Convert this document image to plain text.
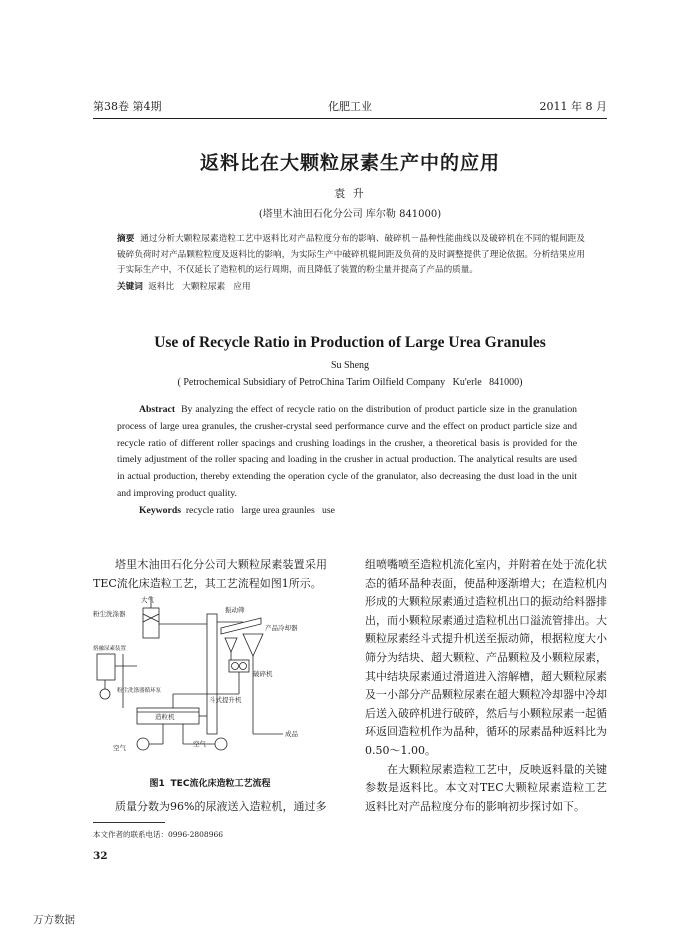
第38卷 第4期	化肥工业	2011 年 8 月
返料比在大颗粒尿素生产中的应用
袁 升
(塔里木油田石化分公司 库尔勒 841000)
摘要 通过分析大颗粒尿素造粒工艺中返料比对产品粒度分布的影响、破碎机－晶种性能曲线以及破碎机在不同的辊间距及破碎负荷时对产品颗粒粒度及返料比的影响，为实际生产中破碎机辊间距及负荷的及时调整提供了理论依据。分析结果应用于实际生产中，不仅延长了造粒机的运行周期，而且降低了装置的粉尘量并提高了产品的质量。
关键词 返料比   大颗粒尿素   应用
Use of Recycle Ratio in Production of Large Urea Granules
Su Sheng
( Petrochemical Subsidiary of PetroChina Tarim Oilfield Company   Ku'erle   841000)
Abstract By analyzing the effect of recycle ratio on the distribution of product particle size in the granulation process of large urea granules, the crusher-crystal seed performance curve and the effect on product particle size and recycle ratio of different roller spacings and crushing loadings in the crusher, a theoretical basis is provided for the timely adjustment of the roller spacing and loading in the crusher in actual production. The analytical results are used in actual production, thereby extending the operation cycle of the granulator, also decreasing the dust load in the unit and improving product quality.
Keywords recycle ratio   large urea graunles   use
塔里木油田石化分公司大颗粒尿素装置采用TEC流化床造粒工艺，其工艺流程如图1所示。
大气
粉尘洗涤器	振动筛
产品冷却器
熔融尿素装置
粉尘洗涤器循环泵
破碎机
造粒机
斗式提升机
成品
空气	空气
图1 TEC流化床造粒工艺流程
质量分数为96%的尿液送入造粒机，通过多
组喷嘴喷至造粒机流化室内，并附着在处于流化状态的循环晶种表面，使晶种逐渐增大；在造粒机内形成的大颗粒尿素通过造粒机出口的振动给料器排出，而小颗粒尿素通过造粒机出口溢流管排出。大颗粒尿素经斗式提升机送至振动筛，根据粒度大小筛分为结块、超大颗粒、产品颗粒及小颗粒尿素，其中结块尿素通过滑道进入溶解槽，超大颗粒尿素及一小部分产品颗粒尿素在超大颗粒冷却器中冷却后送入破碎机进行破碎，然后与小颗粒尿素一起循环返回造粒机作为晶种，循环的尿素晶种返料比为0.50～1.00。
在大颗粒尿素造粒工艺中，反映返料量的关键参数是返料比。本文对TEC大颗粒尿素造粒工艺返料比对产品粒度分布的影响初步探讨如下。
本文作者的联系电话：0996-2808966
32
万方数据
